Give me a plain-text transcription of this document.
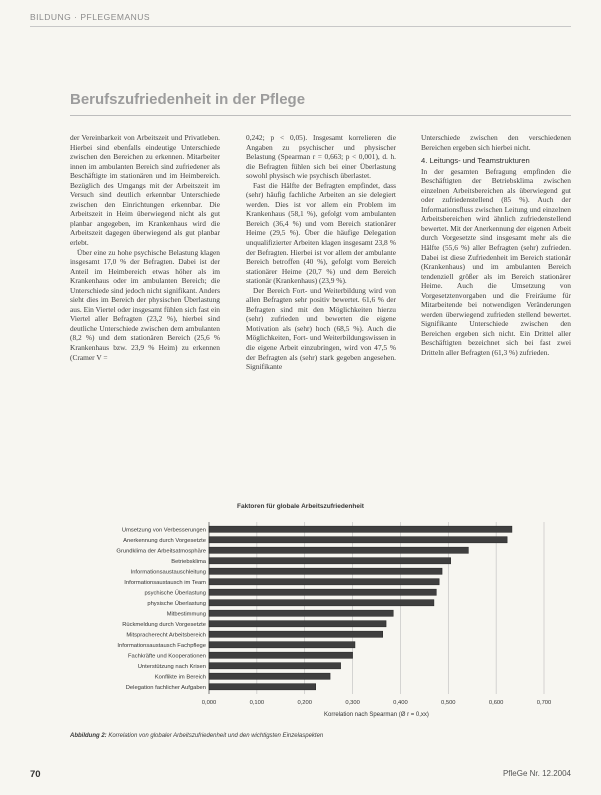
BILDUNG · PFLEGEMANUS
Berufszufriedenheit in der Pflege

der Vereinbarkeit von Arbeitszeit und Privatleben. Hierbei sind ebenfalls eindeutige Unterschiede zwischen den Bereichen zu erkennen. Mitarbeiter innen im ambulanten Bereich sind zufriedener als Beschäftigte im stationären und im Heimbereich. Bezüglich des Umgangs mit der Arbeitszeit im Versuch sind deutlich erkennbar Unterschiede zwischen den Einrichtungen erkennbar. Die Arbeitszeit in Heim überwiegend nicht als gut planbar angegeben, im Krankenhaus wird die Arbeitszeit dagegen überwiegend als gut planbar erlebt.

Über eine zu hohe psychische Belastung klagen insgesamt 17,0 % der Befragten. Dabei ist der Anteil im Heimbereich etwas höher als im Krankenhaus oder im ambulanten Bereich; die Unterschiede sind jedoch nicht signifikant. Anders sieht dies im Bereich der physischen Überlastung aus. Ein Viertel oder insgesamt fühlen sich fast ein Viertel aller Befragten (23,2 %), hierbei sind deutliche Unterschiede zwischen dem ambulanten (8,2 %) und dem stationären Bereich (25,6 % Krankenhaus bzw. 23,9 % Heim) zu erkennen (Cramer V =

0,242; p < 0,05). Insgesamt korrelieren die Angaben zu psychischer und physischer Belastung (Spearman r = 0,663; p < 0,001), d. h. die Befragten fühlen sich bei einer Überlastung sowohl physisch wie psychisch überlastet.

Fast die Hälfte der Befragten empfindet, dass (sehr) häufig fachliche Arbeiten an sie delegiert werden. Dies ist vor allem ein Problem im Krankenhaus (58,1 %), gefolgt vom ambulanten Bereich (36,4 %) und vom Bereich stationärer Heime (29,5 %). Über die häufige Delegation unqualifizierter Arbeiten klagen insgesamt 23,8 % der Befragten. Hierbei ist vor allem der ambulante Bereich betroffen (40 %), gefolgt vom Bereich stationärer Heime (20,7 %) und dem Bereich stationär (Krankenhaus) (23,9 %).

Der Bereich Fort- und Weiterbildung wird von allen Befragten sehr positiv bewertet. 61,6 % der Befragten sind mit den Möglichkeiten hierzu (sehr) zufrieden und bewerten die eigene Motivation als (sehr) hoch (68,5 %). Auch die Möglichkeiten, Fort- und Weiterbildungswissen in die eigene Arbeit einzubringen, wird von 47,5 % der Befragten als (sehr) stark gegeben angesehen. Signifikante

Unterschiede zwischen den verschiedenen Bereichen ergeben sich hierbei nicht.

4. Leitungs- und Teamstrukturen

In der gesamten Befragung empfinden die Beschäftigten der Betriebsklima zwischen einzelnen Arbeitsbereichen als überwiegend gut oder zufriedenstellend (85 %). Auch der Informationsfluss zwischen Leitung und einzelnen Arbeitsbereichen wird ähnlich zufriedenstellend bewertet. Mit der Anerkennung der eigenen Arbeit durch Vorgesetzte sind insgesamt mehr als die Hälfte (55,6 %) aller Befragten (sehr) zufrieden. Dabei ist diese Zufriedenheit im Bereich stationär (Krankenhaus) und im ambulanten Bereich tendenziell größer als im Bereich stationärer Heime. Auch die Umsetzung von Vorgesetztenvorgaben und die Freiräume für Mitarbeitende bei notwendigen Veränderungen werden überwiegend zufrieden stellend bewertet. Signifikante Unterschiede zwischen den Bereichen ergeben sich nicht. Ein Drittel aller Beschäftigten bezeichnet sich bei fast zwei Dritteln aller Befragten (61,3 %) zufrieden.

Faktoren für globale Arbeitszufriedenheit
0,000	0,100	0,200	0,300	0,400	0,500	0,600	0,700
Umsetzung von Verbesserungen
Anerkennung durch Vorgesetzte
Grundklima der Arbeitsatmosphäre
Betriebsklima
Informationsaustauschleitung
Informationsaustausch im Team
psychische Überlastung
physische Überlastung
Mitbestimmung
Rückmeldung durch Vorgesetzte
Mitspracherecht Arbeitsbereich
Informationsaustausch Fachpflege
Fachkräfte und Kooperationen
Unterstützung nach Krisen
Konflikte im Bereich
Delegation fachlicher Aufgaben
Korrelation nach Spearman (Ø r = 0,xx)
Abbildung 2: Korrelation von globaler Arbeitszufriedenheit und den wichtigsten Einzelaspekten
70	PfleGe Nr. 12.2004
